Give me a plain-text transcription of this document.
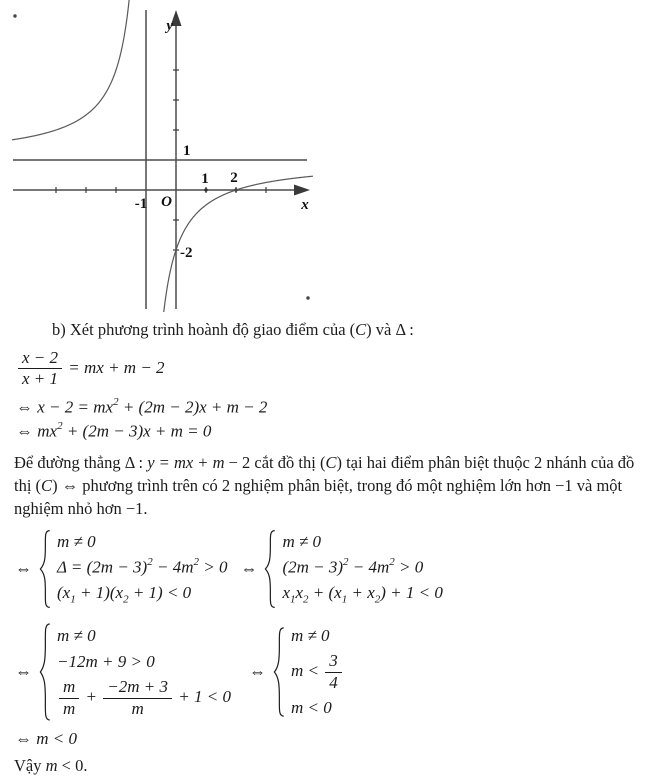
y
x
O
1 2
-1
1
-2
b) Xét phương trình hoành độ giao điểm của (C) và Δ :
$\frac{x - 2}{x + 1}$ = mx + m − 2
⇔ $x - 2 = mx^2 + (2m - 2)x + m - 2$
⇔ $mx^2 + (2m - 3)x + m = 0$
Để đường thẳng Δ : y = mx + m − 2 cắt đồ thị (C) tại hai điểm phân biệt thuộc 2 nhánh của đồ thị (C) ⇔ phương trình trên có 2 nghiệm phân biệt, trong đó một nghiệm lớn hơn −1 và một nghiệm nhỏ hơn −1.
⇔
m ≠ 0
$\Delta = (2m - 3)^2 - 4m^2 > 0$
$(x_1 + 1)(x_2 + 1) < 0$
⇔
m ≠ 0
$(2m - 3)^2 - 4m^2 > 0$
$x_1x_2 + (x_1 + x_2) + 1 < 0$
⇔
m ≠ 0
−12m + 9 > 0
$\frac{m}{m} + \frac{-2m + 3}{m} + 1 < 0$
⇔
m ≠ 0
$m < \frac{3}{4}$
m < 0
⇔ m < 0
Vậy m < 0.
